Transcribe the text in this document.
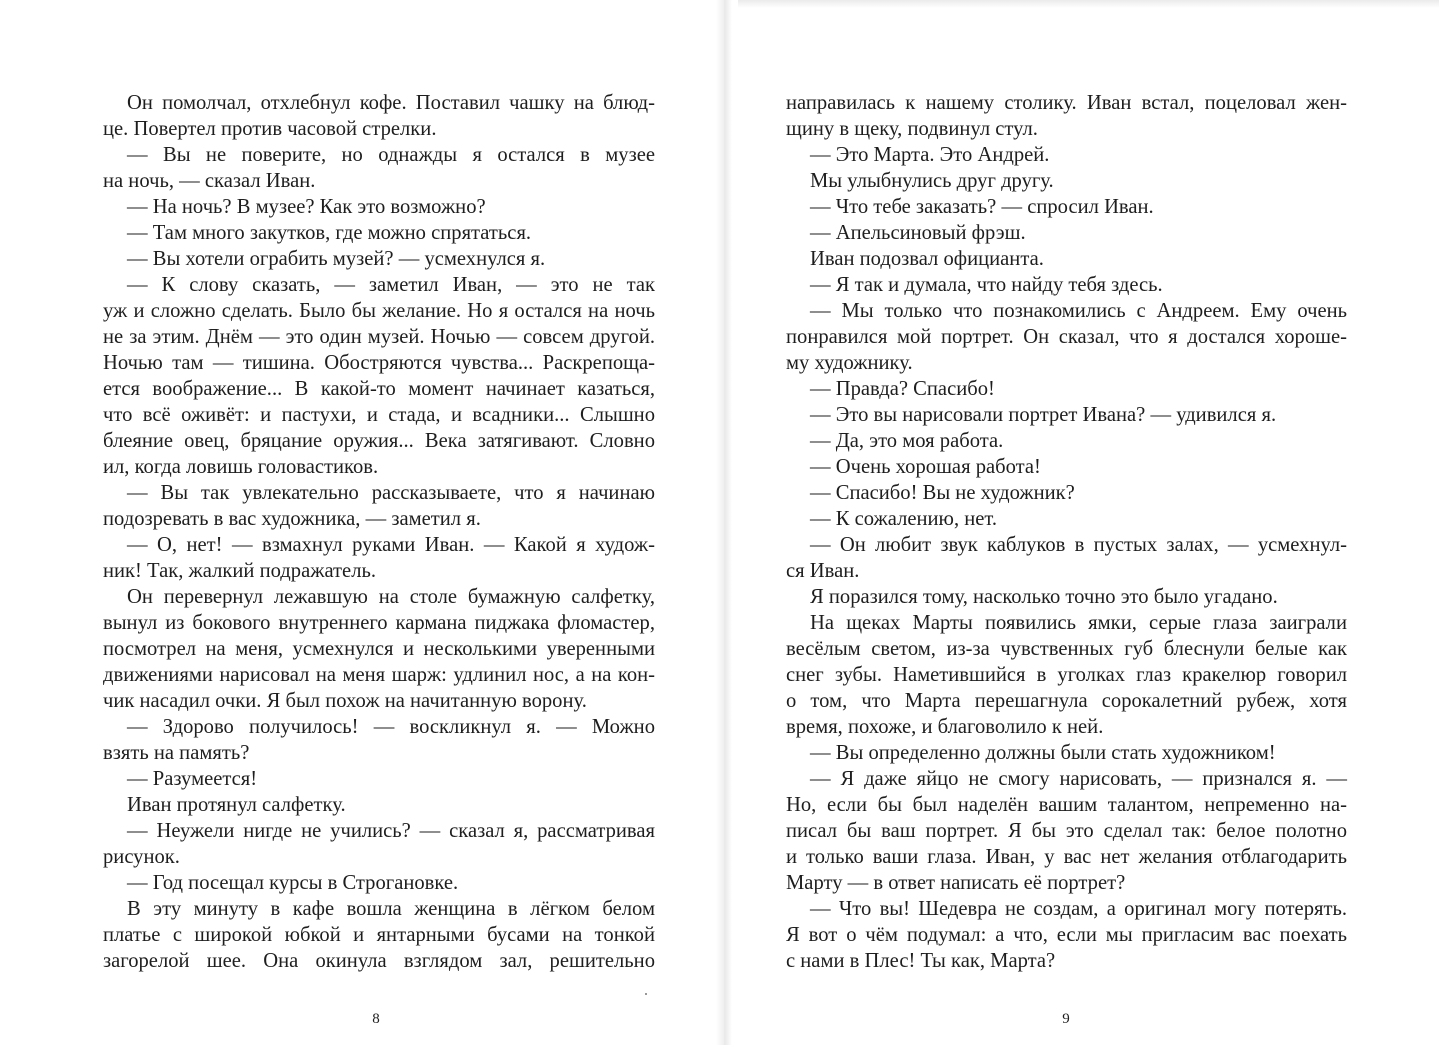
Он помолчал, отхлебнул кофе. Поставил чашку на блюд-
це. Повертел против часовой стрелки.
— Вы не поверите, но однажды я остался в музее
на ночь, — сказал Иван.
— На ночь? В музее? Как это возможно?
— Там много закутков, где можно спрятаться.
— Вы хотели ограбить музей? — усмехнулся я.
— К слову сказать, — заметил Иван, — это не так
уж и сложно сделать. Было бы желание. Но я остался на ночь
не за этим. Днём — это один музей. Ночью — совсем другой.
Ночью там — тишина. Обостряются чувства... Раскрепоща-
ется воображение... В какой-то момент начинает казаться,
что всё оживёт: и пастухи, и стада, и всадники... Слышно
блеяние овец, бряцание оружия... Века затягивают. Словно
ил, когда ловишь головастиков.
— Вы так увлекательно рассказываете, что я начинаю
подозревать в вас художника, — заметил я.
— О, нет! — взмахнул руками Иван. — Какой я худож-
ник! Так, жалкий подражатель.
Он перевернул лежавшую на столе бумажную салфетку,
вынул из бокового внутреннего кармана пиджака фломастер,
посмотрел на меня, усмехнулся и несколькими уверенными
движениями нарисовал на меня шарж: удлинил нос, а на кон-
чик насадил очки. Я был похож на начитанную ворону.
— Здорово получилось! — воскликнул я. — Можно
взять на память?
— Разумеется!
Иван протянул салфетку.
— Неужели нигде не учились? — сказал я, рассматривая
рисунок.
— Год посещал курсы в Строгановке.
В эту минуту в кафе вошла женщина в лёгком белом
платье с широкой юбкой и янтарными бусами на тонкой
загорелой шее. Она окинула взглядом зал, решительно
8
направилась к нашему столику. Иван встал, поцеловал жен-
щину в щеку, подвинул стул.
— Это Марта. Это Андрей.
Мы улыбнулись друг другу.
— Что тебе заказать? — спросил Иван.
— Апельсиновый фрэш.
Иван подозвал официанта.
— Я так и думала, что найду тебя здесь.
— Мы только что познакомились с Андреем. Ему очень
понравился мой портрет. Он сказал, что я достался хороше-
му художнику.
— Правда? Спасибо!
— Это вы нарисовали портрет Ивана? — удивился я.
— Да, это моя работа.
— Очень хорошая работа!
— Спасибо! Вы не художник?
— К сожалению, нет.
— Он любит звук каблуков в пустых залах, — усмехнул-
ся Иван.
Я поразился тому, насколько точно это было угадано.
На щеках Марты появились ямки, серые глаза заиграли
весёлым светом, из-за чувственных губ блеснули белые как
снег зубы. Наметившийся в уголках глаз кракелюр говорил
о том, что Марта перешагнула сорокалетний рубеж, хотя
время, похоже, и благоволило к ней.
— Вы определенно должны были стать художником!
— Я даже яйцо не смогу нарисовать, — признался я. —
Но, если бы был наделён вашим талантом, непременно на-
писал бы ваш портрет. Я бы это сделал так: белое полотно
и только ваши глаза. Иван, у вас нет желания отблагодарить
Марту — в ответ написать её портрет?
— Что вы! Шедевра не создам, а оригинал могу потерять.
Я вот о чём подумал: а что, если мы пригласим вас поехать
с нами в Плес! Ты как, Марта?
9
